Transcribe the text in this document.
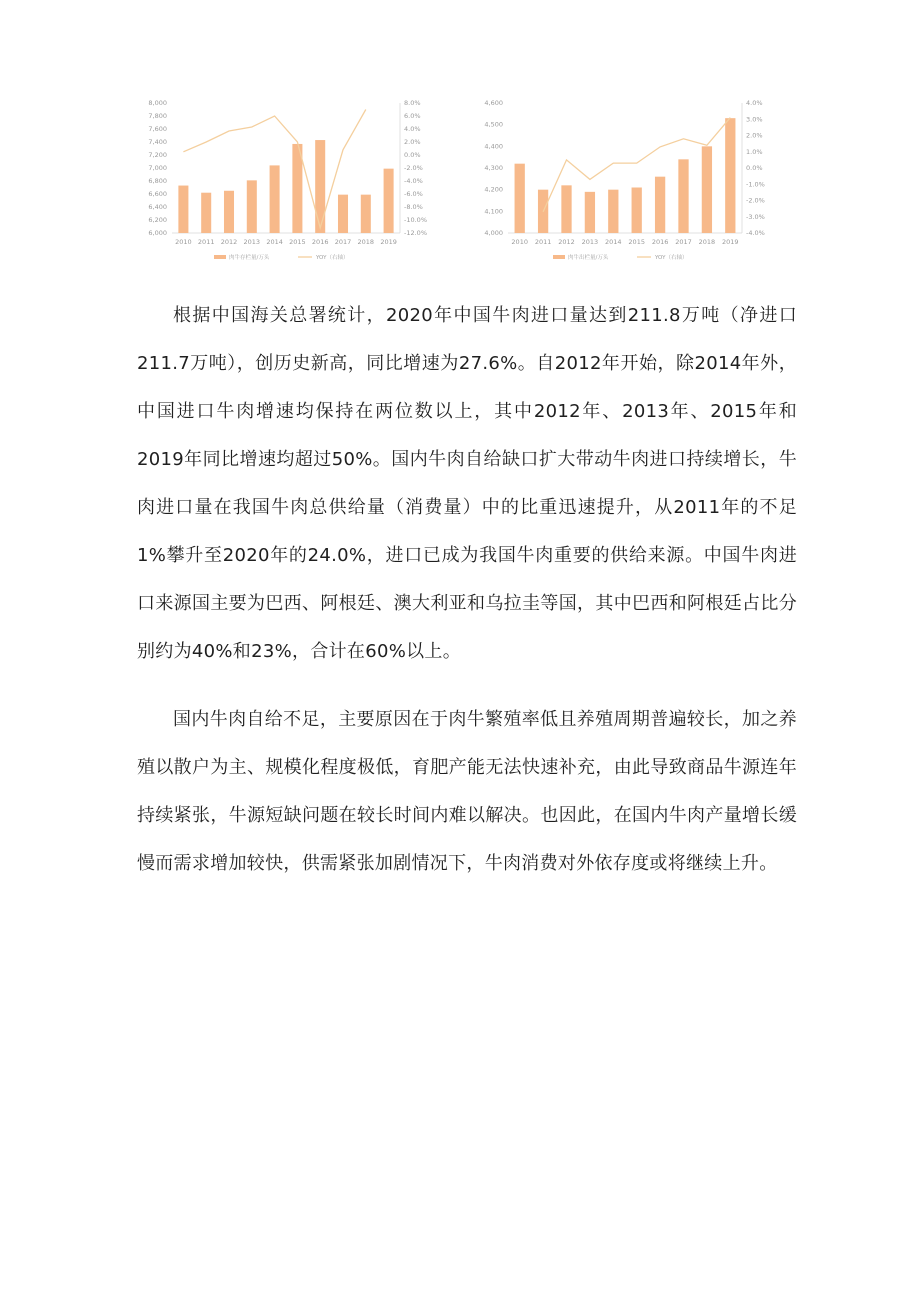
6,000
6,200
6,400
6,600
6,800
7,000
7,200
7,400
7,600
7,800
8,000
-12.0%
-10.0%
-8.0%
-6.0%
-4.0%
-2.0%
0.0%
2.0%
4.0%
6.0%
8.0%
2010 2011 2012 2013 2014 2015 2016 2017 2018 2019
肉牛存栏量/万头	YOY（右轴）
4,000
4,100
4,200
4,300
4,400
4,500
4,600
-4.0%
-3.0%
-2.0%
-1.0%
0.0%
1.0%
2.0%
3.0%
4.0%
2010 2011 2012 2013 2014 2015 2016 2017 2018 2019
肉牛出栏量/万头	YOY（右轴）

根据中国海关总署统计，2020年中国牛肉进口量达到211.8万吨（净进口211.7万吨），创历史新高，同比增速为27.6%。自2012年开始，除2014年外，中国进口牛肉增速均保持在两位数以上，其中2012年、2013年、2015年和2019年同比增速均超过50%。国内牛肉自给缺口扩大带动牛肉进口持续增长，牛肉进口量在我国牛肉总供给量（消费量）中的比重迅速提升，从2011年的不足1%攀升至2020年的24.0%，进口已成为我国牛肉重要的供给来源。中国牛肉进口来源国主要为巴西、阿根廷、澳大利亚和乌拉圭等国，其中巴西和阿根廷占比分别约为40%和23%，合计在60%以上。

国内牛肉自给不足，主要原因在于肉牛繁殖率低且养殖周期普遍较长，加之养殖以散户为主、规模化程度极低，育肥产能无法快速补充，由此导致商品牛源连年持续紧张，牛源短缺问题在较长时间内难以解决。也因此，在国内牛肉产量增长缓慢而需求增加较快，供需紧张加剧情况下，牛肉消费对外依存度或将继续上升。
